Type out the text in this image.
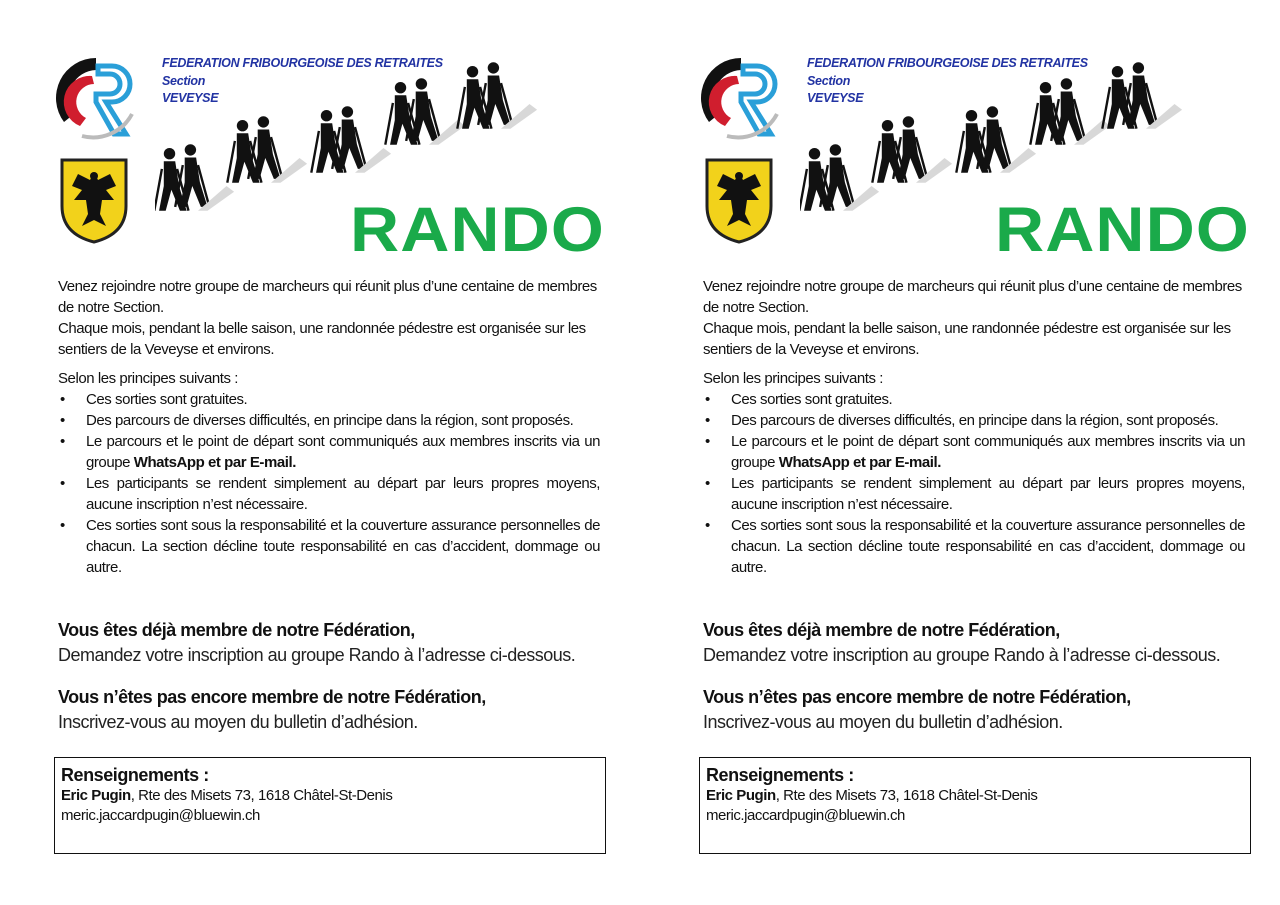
FEDERATION FRIBOURGEOISE DES RETRAITES
Section
VEVEYSE
RANDO

Venez rejoindre notre groupe de marcheurs qui réunit plus d’une centaine de membres de notre Section.

Chaque mois, pendant la belle saison, une randonnée pédestre est organisée sur les sentiers de la Veveyse et environs.

Selon les principes suivants :

• Ces sorties sont gratuites.
• Des parcours de diverses difficultés, en principe dans la région, sont proposés.
• Le parcours et le point de départ sont communiqués aux membres inscrits via un groupe WhatsApp et par E-mail.
• Les participants se rendent simplement au départ par leurs propres moyens, aucune inscription n’est nécessaire.
• Ces sorties sont sous la responsabilité et la couverture assurance personnelles de chacun. La section décline toute responsabilité en cas d’accident, dommage ou autre.
Vous êtes déjà membre de notre Fédération,
Demandez votre inscription au groupe Rando à l’adresse ci-dessous.
Vous n’êtes pas encore membre de notre Fédération,
Inscrivez-vous au moyen du bulletin d’adhésion.
Renseignements :
Eric Pugin, Rte des Misets 73, 1618 Châtel-St-Denis
meric.jaccardpugin@bluewin.ch
FEDERATION FRIBOURGEOISE DES RETRAITES
Section
VEVEYSE
RANDO

Venez rejoindre notre groupe de marcheurs qui réunit plus d’une centaine de membres de notre Section.

Chaque mois, pendant la belle saison, une randonnée pédestre est organisée sur les sentiers de la Veveyse et environs.

Selon les principes suivants :

• Ces sorties sont gratuites.
• Des parcours de diverses difficultés, en principe dans la région, sont proposés.
• Le parcours et le point de départ sont communiqués aux membres inscrits via un groupe WhatsApp et par E-mail.
• Les participants se rendent simplement au départ par leurs propres moyens, aucune inscription n’est nécessaire.
• Ces sorties sont sous la responsabilité et la couverture assurance personnelles de chacun. La section décline toute responsabilité en cas d’accident, dommage ou autre.
Vous êtes déjà membre de notre Fédération,
Demandez votre inscription au groupe Rando à l’adresse ci-dessous.
Vous n’êtes pas encore membre de notre Fédération,
Inscrivez-vous au moyen du bulletin d’adhésion.
Renseignements :
Eric Pugin, Rte des Misets 73, 1618 Châtel-St-Denis
meric.jaccardpugin@bluewin.ch
